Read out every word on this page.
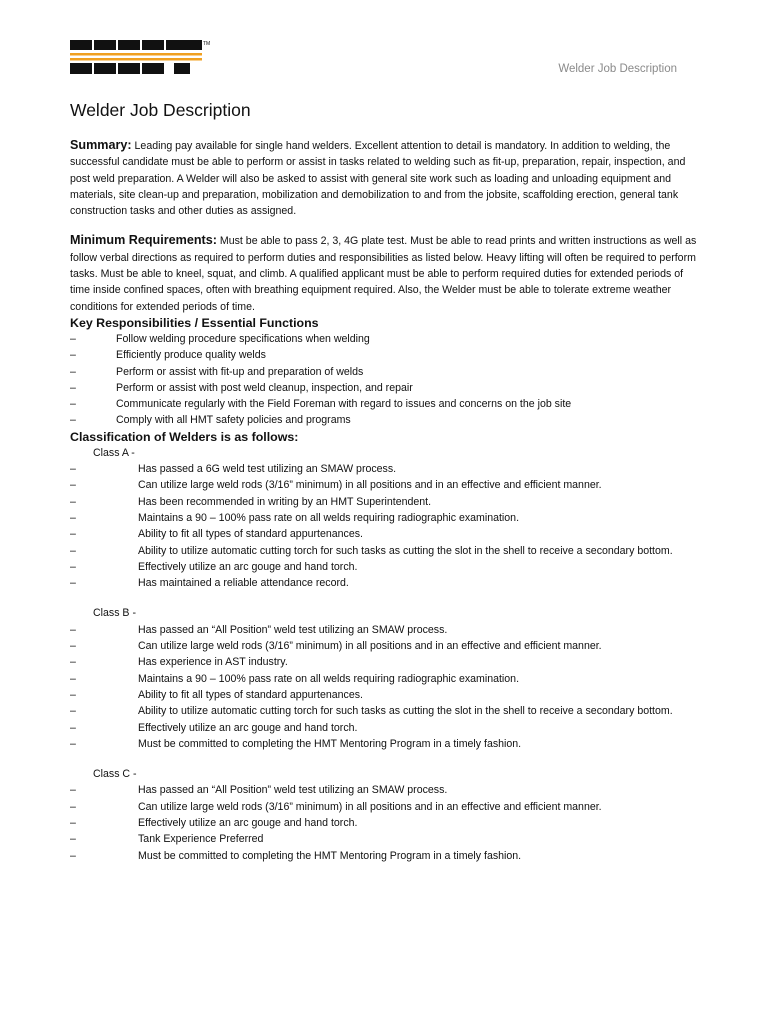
TM
Welder Job Description
Welder Job Description

Summary: Leading pay available for single hand welders. Excellent attention to detail is mandatory. In addition to welding, the successful candidate must be able to perform or assist in tasks related to welding such as fit-up, preparation, repair, inspection, and post weld preparation. A Welder will also be asked to assist with general site work such as loading and unloading equipment and materials, site clean-up and preparation, mobilization and demobilization to and from the jobsite, scaffolding erection, general tank construction tasks and other duties as assigned.

Minimum Requirements: Must be able to pass 2, 3, 4G plate test. Must be able to read prints and written instructions as well as follow verbal directions as required to perform duties and responsibilities as listed below. Heavy lifting will often be required to perform tasks. Must be able to kneel, squat, and climb. A qualified applicant must be able to perform required duties for extended periods of time inside confined spaces, often with breathing equipment required. Also, the Welder must be able to tolerate extreme weather conditions for extended periods of time.

Key Responsibilities / Essential Functions
–	Follow welding procedure specifications when welding
–	Efficiently produce quality welds
–	Perform or assist with fit-up and preparation of welds
–	Perform or assist with post weld cleanup, inspection, and repair
–	Communicate regularly with the Field Foreman with regard to issues and concerns on the job site
–	Comply with all HMT safety policies and programs
Classification of Welders is as follows:
Class A -
–	Has passed a 6G weld test utilizing an SMAW process.
–	Can utilize large weld rods (3/16” minimum) in all positions and in an effective and efficient manner.
–	Has been recommended in writing by an HMT Superintendent.
–	Maintains a 90 – 100% pass rate on all welds requiring radiographic examination.
–	Ability to fit all types of standard appurtenances.
–	Ability to utilize automatic cutting torch for such tasks as cutting the slot in the shell to receive a secondary bottom.
–	Effectively utilize an arc gouge and hand torch.
–	Has maintained a reliable attendance record.
Class B -
–	Has passed an “All Position” weld test utilizing an SMAW process.
–	Can utilize large weld rods (3/16” minimum) in all positions and in an effective and efficient manner.
–	Has experience in AST industry.
–	Maintains a 90 – 100% pass rate on all welds requiring radiographic examination.
–	Ability to fit all types of standard appurtenances.
–	Ability to utilize automatic cutting torch for such tasks as cutting the slot in the shell to receive a secondary bottom.
–	Effectively utilize an arc gouge and hand torch.
–	Must be committed to completing the HMT Mentoring Program in a timely fashion.
Class C -
–	Has passed an “All Position” weld test utilizing an SMAW process.
–	Can utilize large weld rods (3/16” minimum) in all positions and in an effective and efficient manner.
–	Effectively utilize an arc gouge and hand torch.
–	Tank Experience Preferred
–	Must be committed to completing the HMT Mentoring Program in a timely fashion.
